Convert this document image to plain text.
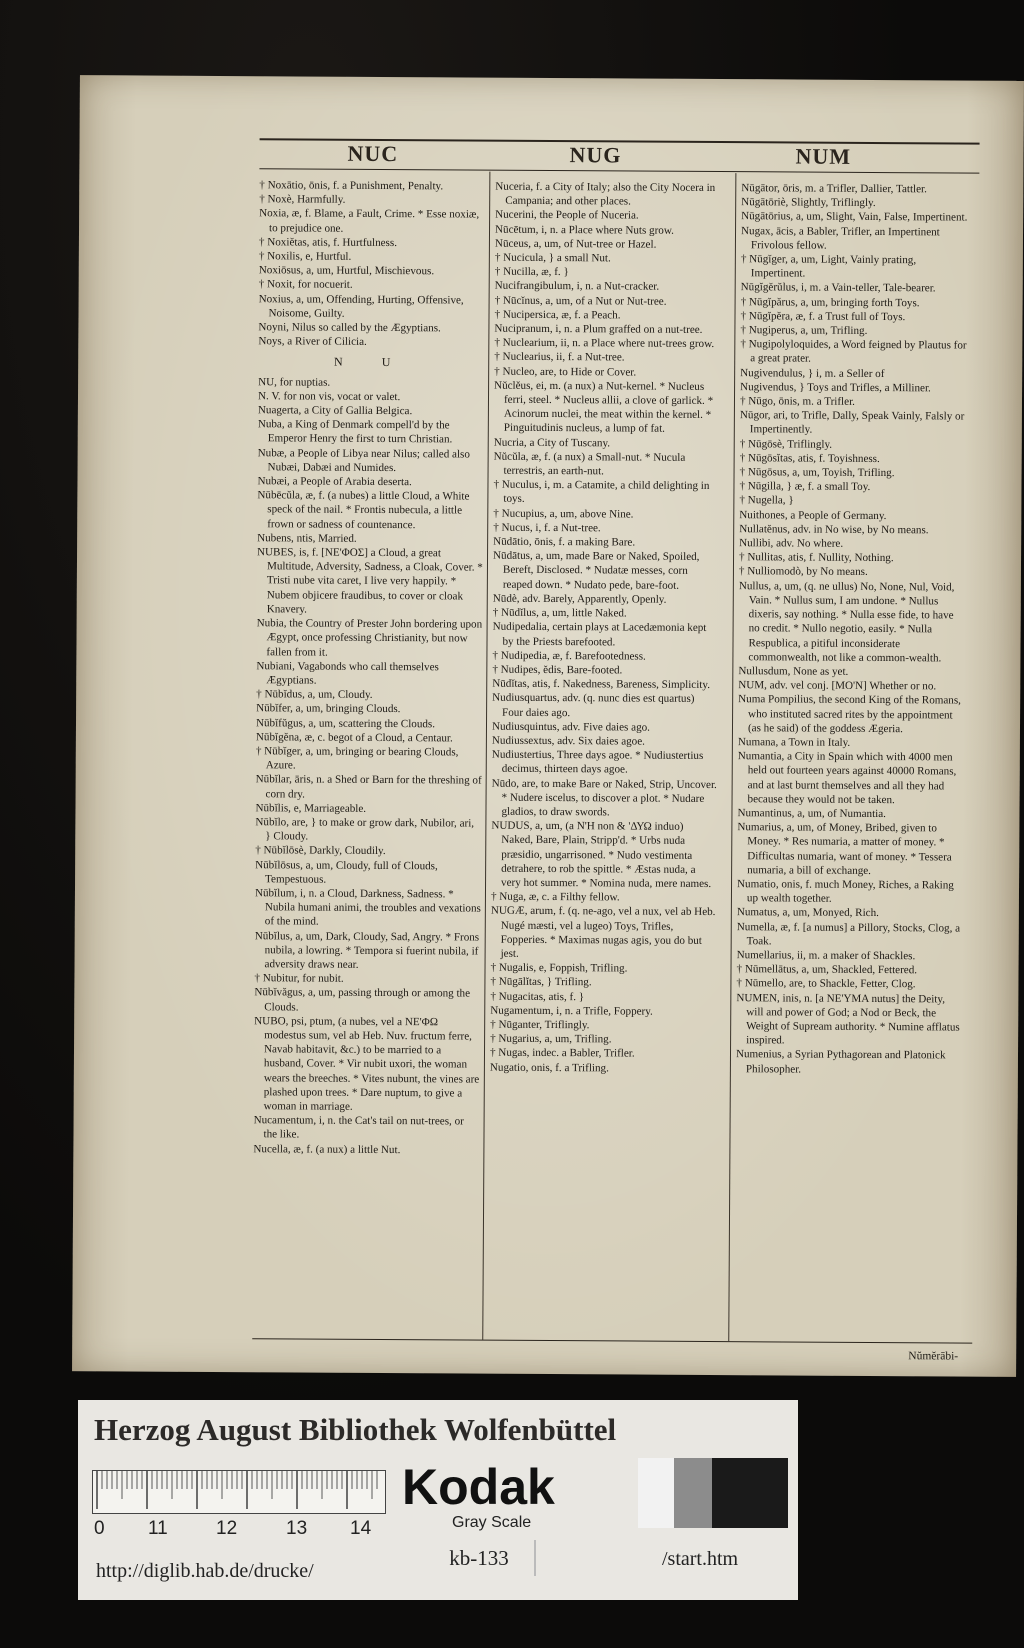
NUC	NUG	NUM

† Noxātio, ōnis, f. a Punishment, Penalty.

† Noxè, Harmfully.

Noxia, æ, f. Blame, a Fault, Crime. * Esse noxiæ, to prejudice one.

† Noxiĕtas, atis, f. Hurtfulness.

† Noxilis, e, Hurtful.

Noxiōsus, a, um, Hurtful, Mischievous.

† Noxit, for nocuerit.

Noxius, a, um, Offending, Hurting, Offensive, Noisome, Guilty.

Noyni, Nilus so called by the Ægyptians.

Noys, a River of Cilicia.

N U

NU, for nuptias.

N. V. for non vis, vocat or valet.

Nuagerta, a City of Gallia Belgica.

Nuba, a King of Denmark compell'd by the Emperor Henry the first to turn Christian.

Nubæ, a People of Libya near Nilus; called also Nubæi, Dabæi and Numides.

Nubæi, a People of Arabia deserta.

Nūbēcŭla, æ, f. (a nubes) a little Cloud, a White speck of the nail. * Frontis nubecula, a little frown or sadness of countenance.

Nubens, ntis, Married.

NUBES, is, f. [NE'ΦΟΣ] a Cloud, a great Multitude, Adversity, Sadness, a Cloak, Cover. * Tristi nube vita caret, I live very happily. * Nubem objicere fraudibus, to cover or cloak Knavery.

Nubia, the Country of Prester John bordering upon Ægypt, once professing Christianity, but now fallen from it.

Nubiani, Vagabonds who call themselves Ægyptians.

† Nūbĭdus, a, um, Cloudy.

Nūbĭfer, a, um, bringing Clouds.

Nūbĭfŭgus, a, um, scattering the Clouds.

Nūbĭgĕna, æ, c. begot of a Cloud, a Centaur.

† Nūbĭger, a, um, bringing or bearing Clouds, Azure.

Nūbĭlar, āris, n. a Shed or Barn for the threshing of corn dry.

Nūbĭlis, e, Marriageable.

Nūbĭlo, are, } to make or grow dark, Nubilor, ari, } Cloudy.

† Nūbĭlōsè, Darkly, Cloudily.

Nūbĭlōsus, a, um, Cloudy, full of Clouds, Tempestuous.

Nūbĭlum, i, n. a Cloud, Darkness, Sadness. * Nubila humani animi, the troubles and vexations of the mind.

Nūbĭlus, a, um, Dark, Cloudy, Sad, Angry. * Frons nubila, a lowring. * Tempora si fuerint nubila, if adversity draws near.

† Nubitur, for nubit.

Nūbĭvăgus, a, um, passing through or among the Clouds.

NUBO, psi, ptum, (a nubes, vel a NE'ΦΩ modestus sum, vel ab Heb. Nuv. fructum ferre, Navab habitavit, &c.) to be married to a husband, Cover. * Vir nubit uxori, the woman wears the breeches. * Vites nubunt, the vines are plashed upon trees. * Dare nuptum, to give a woman in marriage.

Nucamentum, i, n. the Cat's tail on nut-trees, or the like.

Nucella, æ, f. (a nux) a little Nut.

Nuceria, f. a City of Italy; also the City Nocera in Campania; and other places.

Nucerini, the People of Nuceria.

Nūcētum, i, n. a Place where Nuts grow.

Nūceus, a, um, of Nut-tree or Hazel.

† Nucicula, } a small Nut.

† Nucilla, æ, f. }

Nucifrangibulum, i, n. a Nut-cracker.

† Nūcĭnus, a, um, of a Nut or Nut-tree.

† Nucipersica, æ, f. a Peach.

Nucipranum, i, n. a Plum graffed on a nut-tree.

† Nuclearium, ii, n. a Place where nut-trees grow.

† Nuclearius, ii, f. a Nut-tree.

† Nucleo, are, to Hide or Cover.

Nŭclĕus, ei, m. (a nux) a Nut-kernel. * Nucleus ferri, steel. * Nucleus allii, a clove of garlick. * Acinorum nuclei, the meat within the kernel. * Pinguitudinis nucleus, a lump of fat.

Nucria, a City of Tuscany.

Nŭcŭla, æ, f. (a nux) a Small-nut. * Nucula terrestris, an earth-nut.

† Nuculus, i, m. a Catamite, a child delighting in toys.

† Nucupius, a, um, above Nine.

† Nucus, i, f. a Nut-tree.

Nūdātio, ōnis, f. a making Bare.

Nūdātus, a, um, made Bare or Naked, Spoiled, Bereft, Disclosed. * Nudatæ messes, corn reaped down. * Nudato pede, bare-foot.

Nūdè, adv. Barely, Apparently, Openly.

† Nūdĭlus, a, um, little Naked.

Nudipedalia, certain plays at Lacedæmonia kept by the Priests barefooted.

† Nudipedia, æ, f. Barefootedness.

† Nudipes, ĕdis, Bare-footed.

Nūdĭtas, atis, f. Nakedness, Bareness, Simplicity.

Nudiusquartus, adv. (q. nunc dies est quartus) Four daies ago.

Nudiusquintus, adv. Five daies ago.

Nudiussextus, adv. Six daies agoe.

Nudiustertius, Three days agoe. * Nudiustertius decimus, thirteen days agoe.

Nūdo, are, to make Bare or Naked, Strip, Uncover. * Nudere iscelus, to discover a plot. * Nudare gladios, to draw swords.

NUDUS, a, um, (a N'H non & 'ΔΥΩ induo) Naked, Bare, Plain, Stripp'd. * Urbs nuda præsidio, ungarrisoned. * Nudo vestimenta detrahere, to rob the spittle. * Æstas nuda, a very hot summer. * Nomina nuda, mere names.

† Nuga, æ, c. a Filthy fellow.

NUGÆ, arum, f. (q. ne-ago, vel a nux, vel ab Heb. Nugé mæsti, vel a lugeo) Toys, Trifles, Fopperies. * Maximas nugas agis, you do but jest.

† Nugalis, e, Foppish, Trifling.

† Nūgālĭtas, } Trifling.

† Nugacitas, atis, f. }

Nugamentum, i, n. a Trifle, Foppery.

† Nūganter, Triflingly.

† Nugarius, a, um, Trifling.

† Nugas, indec. a Babler, Trifler.

Nugatio, onis, f. a Trifling.

Nūgātor, ōris, m. a Trifler, Dallier, Tattler.

Nūgātōriè, Slightly, Triflingly.

Nūgātōrius, a, um, Slight, Vain, False, Impertinent.

Nugax, ācis, a Babler, Trifler, an Impertinent Frivolous fellow.

† Nūgĭger, a, um, Light, Vainly prating, Impertinent.

Nūgĭgĕrŭlus, i, m. a Vain-teller, Tale-bearer.

† Nūgĭpărus, a, um, bringing forth Toys.

† Nūgĭpĕra, æ, f. a Trust full of Toys.

† Nugiperus, a, um, Trifling.

† Nugipolyloquides, a Word feigned by Plautus for a great prater.

Nugivendulus, } i, m. a Seller of

Nugivendus, } Toys and Trifles, a Milliner.

† Nūgo, ōnis, m. a Trifler.

Nūgor, ari, to Trifle, Dally, Speak Vainly, Falsly or Impertinently.

† Nūgōsè, Triflingly.

† Nūgōsĭtas, atis, f. Toyishness.

† Nūgōsus, a, um, Toyish, Trifling.

† Nūgilla, } æ, f. a small Toy.

† Nugella, }

Nuithones, a People of Germany.

Nullatĕnus, adv. in No wise, by No means.

Nullibi, adv. No where.

† Nullitas, atis, f. Nullity, Nothing.

† Nulliomodò, by No means.

Nullus, a, um, (q. ne ullus) No, None, Nul, Void, Vain. * Nullus sum, I am undone. * Nullus dixeris, say nothing. * Nulla esse fide, to have no credit. * Nullo negotio, easily. * Nulla Respublica, a pitiful inconsiderate commonwealth, not like a common-wealth.

Nullusdum, None as yet.

NUM, adv. vel conj. [MO'N] Whether or no.

Numa Pompilius, the second King of the Romans, who instituted sacred rites by the appointment (as he said) of the goddess Ægeria.

Numana, a Town in Italy.

Numantia, a City in Spain which with 4000 men held out fourteen years against 40000 Romans, and at last burnt themselves and all they had because they would not be taken.

Numantinus, a, um, of Numantia.

Numarius, a, um, of Money, Bribed, given to Money. * Res numaria, a matter of money. * Difficultas numaria, want of money. * Tessera numaria, a bill of exchange.

Numatio, onis, f. much Money, Riches, a Raking up wealth together.

Numatus, a, um, Monyed, Rich.

Numella, æ, f. [a numus] a Pillory, Stocks, Clog, a Toak.

Numellarius, ii, m. a maker of Shackles.

† Nūmellātus, a, um, Shackled, Fettered.

† Nūmello, are, to Shackle, Fetter, Clog.

NUMEN, inis, n. [a NE'YMA nutus] the Deity, will and power of God; a Nod or Beck, the Weight of Supream authority. * Numine afflatus inspired.

Numenius, a Syrian Pythagorean and Platonick Philosopher.

Nŭmĕrābi-
Herzog August Bibliothek Wolfenbüttel
0 11	12	13 14
Kodak
Gray Scale
http://diglib.hab.de/drucke/
kb-133	/start.htm
